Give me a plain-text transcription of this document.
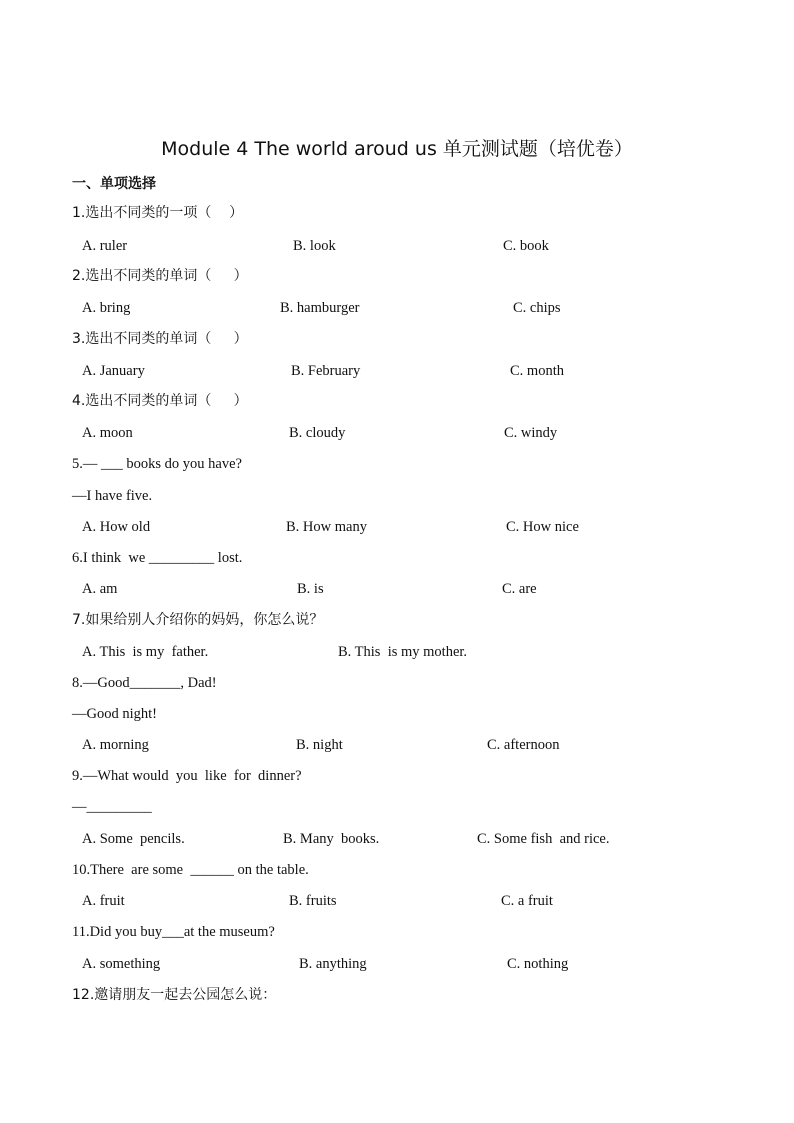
Module 4 The world aroud us 单元测试题（培优卷）
一、单项选择
1.选出不同类的一项（    ）
A. ruler	B. look	C. book
2.选出不同类的单词（     ）
A. bring	B. hamburger	C. chips
3.选出不同类的单词（     ）
A. January	B. February	C. month
4.选出不同类的单词（     ）
A. moon	B. cloudy	C. windy
5.— ___ books do you have?
—I have five.
A. How old	B. How many	C. How nice
6.I think  we _________ lost.
A. am	B. is	C. are
7.如果给别人介绍你的妈妈，你怎么说？
A. This  is my  father.	B. This  is my mother.
8.—Good_______, Dad!
—Good night!
A. morning	B. night	C. afternoon
9.—What would  you  like  for  dinner?
—_________
A. Some  pencils.	B. Many  books.	C. Some fish  and rice.
10.There  are some  ______ on the table.
A. fruit	B. fruits	C. a fruit
11.Did you buy___at the museum?
A. something	B. anything	C. nothing
12.邀请朋友一起去公园怎么说：
